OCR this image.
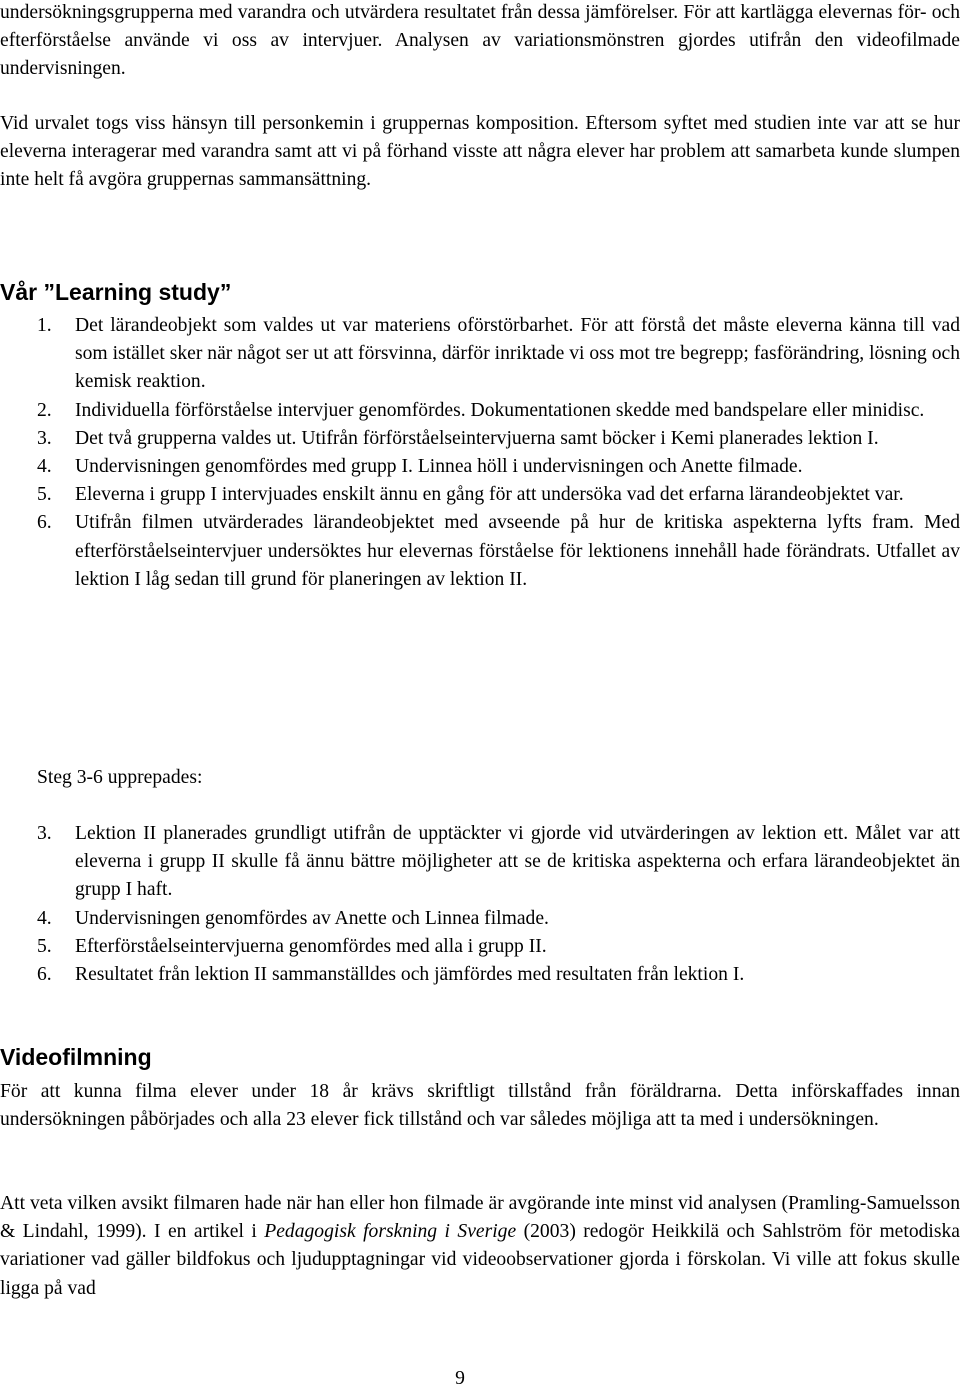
undersökningsgrupperna med varandra och utvärdera resultatet från dessa jämförelser. För att kartlägga elevernas för- och efterförståelse använde vi oss av intervjuer. Analysen av variationsmönstren gjordes utifrån den videofilmade undervisningen.

Vid urvalet togs viss hänsyn till personkemin i gruppernas komposition. Eftersom syftet med studien inte var att se hur eleverna interagerar med varandra samt att vi på förhand visste att några elever har problem att samarbeta kunde slumpen inte helt få avgöra gruppernas sammansättning.

Vår ”Learning study”
1. Det lärandeobjekt som valdes ut var materiens oförstörbarhet. För att förstå det måste eleverna känna till vad som istället sker när något ser ut att försvinna, därför inriktade vi oss mot tre begrepp; fasförändring, lösning och kemisk reaktion.
2. Individuella förförståelse intervjuer genomfördes. Dokumentationen skedde med bandspelare eller minidisc.
3. Det två grupperna valdes ut. Utifrån förförståelseintervjuerna samt böcker i Kemi planerades lektion I.
4. Undervisningen genomfördes med grupp I. Linnea höll i undervisningen och Anette filmade.
5. Eleverna i grupp I intervjuades enskilt ännu en gång för att undersöka vad det erfarna lärandeobjektet var.
6. Utifrån filmen utvärderades lärandeobjektet med avseende på hur de kritiska aspekterna lyfts fram. Med efterförståelseintervjuer undersöktes hur elevernas förståelse för lektionens innehåll hade förändrats. Utfallet av lektion I låg sedan till grund för planeringen av lektion II.

Steg 3-6 upprepades:

3. Lektion II planerades grundligt utifrån de upptäckter vi gjorde vid utvärderingen av lektion ett. Målet var att eleverna i grupp II skulle få ännu bättre möjligheter att se de kritiska aspekterna och erfara lärandeobjektet än grupp I haft.
4. Undervisningen genomfördes av Anette och Linnea filmade.
5. Efterförståelseintervjuerna genomfördes med alla i grupp II.
6. Resultatet från lektion II sammanställdes och jämfördes med resultaten från lektion I.
Videofilmning

För att kunna filma elever under 18 år krävs skriftligt tillstånd från föräldrarna. Detta införskaffades innan undersökningen påbörjades och alla 23 elever fick tillstånd och var således möjliga att ta med i undersökningen.

Att veta vilken avsikt filmaren hade när han eller hon filmade är avgörande inte minst vid analysen (Pramling-Samuelsson & Lindahl, 1999). I en artikel i Pedagogisk forskning i Sverige (2003) redogör Heikkilä och Sahlström för metodiska variationer vad gäller bildfokus och ljudupptagningar vid videoobservationer gjorda i förskolan. Vi ville att fokus skulle ligga på vad

9
